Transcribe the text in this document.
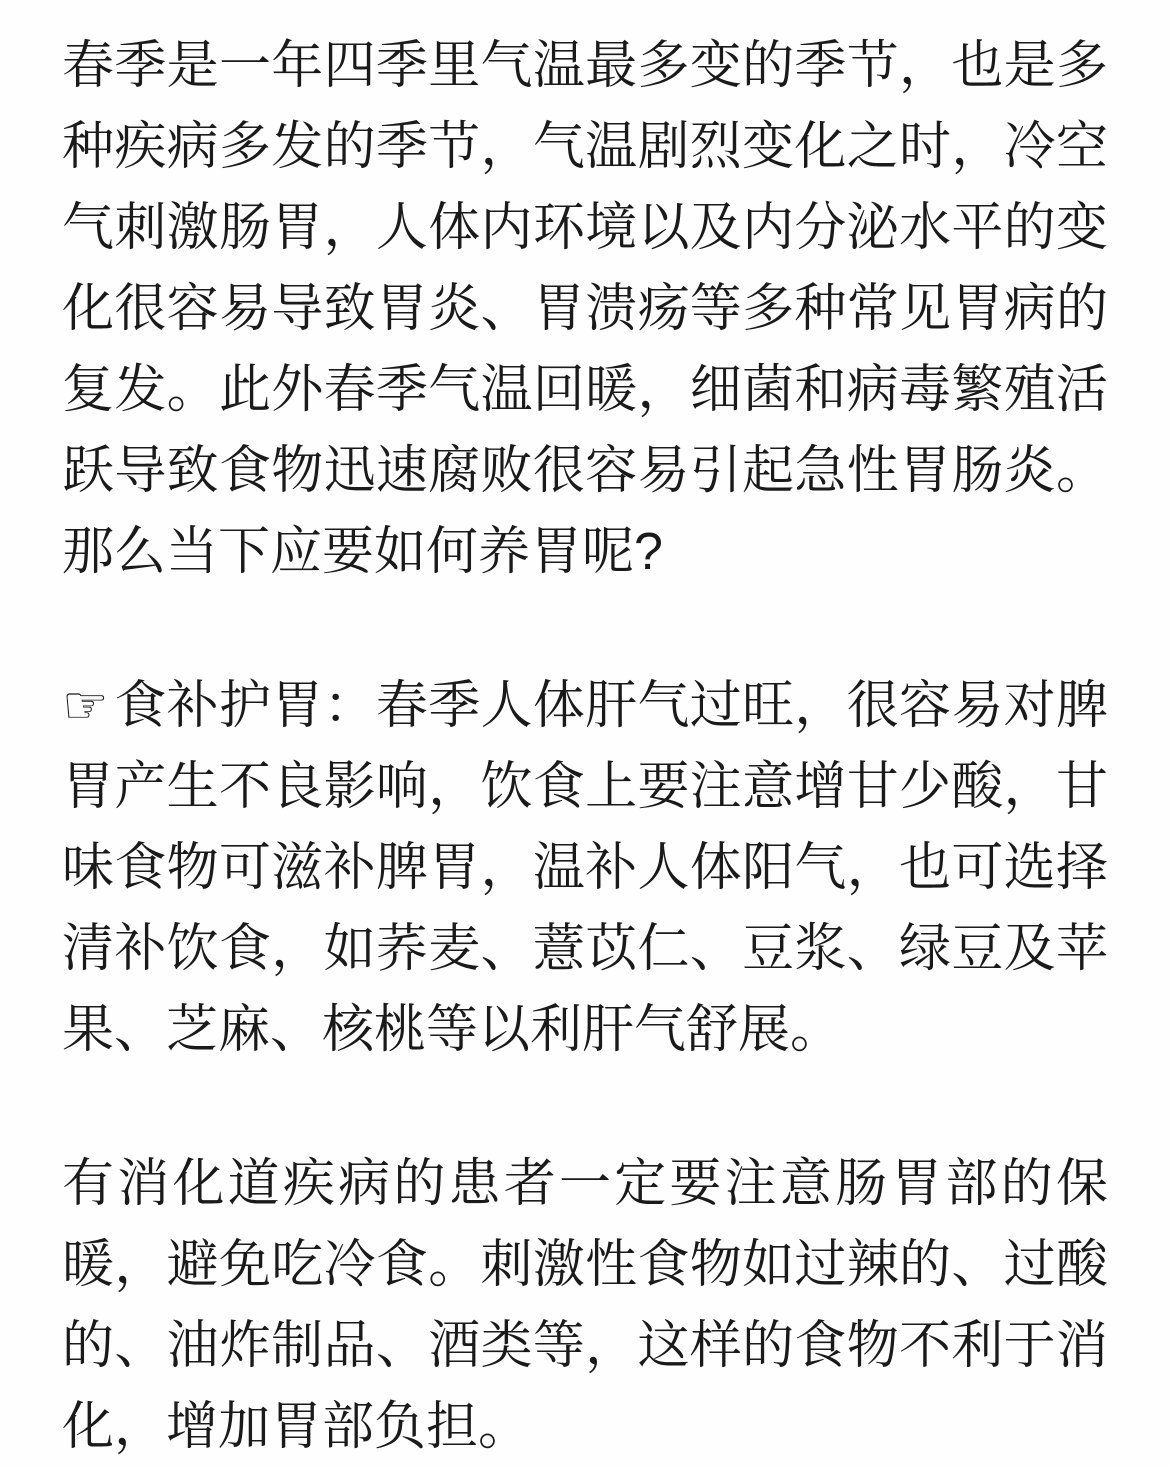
春季是一年四季里气温最多变的季节，也是多种疾病多发的季节，气温剧烈变化之时，冷空气刺激肠胃，人体内环境以及内分泌水平的变化很容易导致胃炎、胃溃疡等多种常见胃病的复发。此外春季气温回暖，细菌和病毒繁殖活跃导致食物迅速腐败很容易引起急性胃肠炎。那么当下应要如何养胃呢?

☞ 食补护胃：春季人体肝气过旺，很容易对脾胃产生不良影响，饮食上要注意增甘少酸，甘味食物可滋补脾胃，温补人体阳气，也可选择清补饮食，如荞麦、薏苡仁、豆浆、绿豆及苹果、芝麻、核桃等以利肝气舒展。

有消化道疾病的患者一定要注意肠胃部的保暖，避免吃冷食。刺激性食物如过辣的、过酸的、油炸制品、酒类等，这样的食物不利于消化，增加胃部负担。
